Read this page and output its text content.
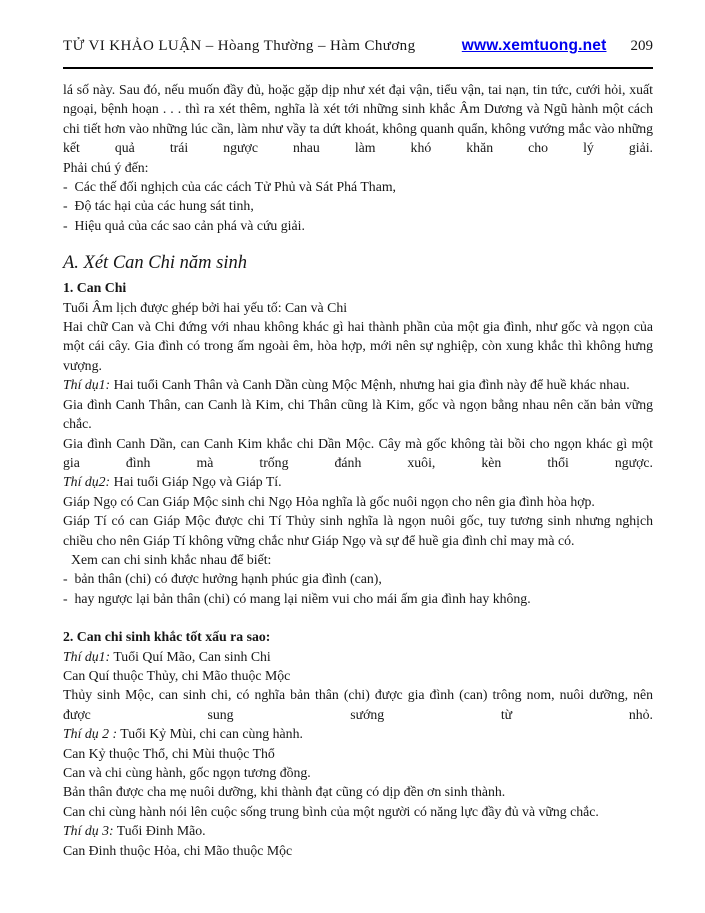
TỬ VI KHẢO LUẬN – Hòang Thường – Hàm Chương	www.xemtuong.net 209

lá số này. Sau đó, nếu muốn đầy đủ, hoặc gặp dịp như xét đại vận, tiểu vận, tai nạn, tin tức, cưới hỏi, xuất ngoại, bệnh hoạn . . . thì ra xét thêm, nghĩa là xét tới những sinh khắc Âm Dương và Ngũ hành một cách chi tiết hơn vào những lúc cần, làm như vầy ta dứt khoát, không quanh quẩn, không vướng mắc vào những kết quả trái ngược nhau làm khó khăn cho lý giải.

Phải chú ý đến:

-  Các thế đối nghịch của các cách Tử Phủ và Sát Phá Tham,

-  Độ tác hại của các hung sát tinh,

-  Hiệu quả của các sao cản phá và cứu giải.

A. Xét Can Chi năm sinh

1. Can Chi

Tuổi Âm lịch được ghép bởi hai yếu tố: Can và Chi

Hai chữ Can và Chi đứng với nhau không khác gì hai thành phần của một gia đình, như gốc và ngọn của một cái cây. Gia đình có trong ấm ngoài êm, hòa hợp, mới nên sự nghiệp, còn xung khắc thì không hưng vượng.

Thí dụ1: Hai tuổi Canh Thân và Canh Dần cùng Mộc Mệnh, nhưng hai gia đình này để huề khác nhau.

Gia đình Canh Thân, can Canh là Kim, chi Thân cũng là Kim, gốc và ngọn bằng nhau nên căn bản vững chắc.

Gia đình Canh Dần, can Canh Kim khắc chi Dần Mộc. Cây mà gốc không tài bồi cho ngọn khác gì một gia đình mà trống đánh xuôi, kèn thổi ngược.

Thí dụ2: Hai tuổi Giáp Ngọ và Giáp Tí.

Giáp Ngọ có Can Giáp Mộc sinh chi Ngọ Hỏa nghĩa là gốc nuôi ngọn cho nên gia đình hòa hợp.

Giáp Tí có can Giáp Mộc được chi Tí Thủy sinh nghĩa là ngọn nuôi gốc, tuy tương sinh nhưng nghịch chiều cho nên Giáp Tí không vững chắc như Giáp Ngọ và sự để huề gia đình chỉ may mà có.

Xem can chi sinh khắc nhau để biết:

-  bản thân (chi) có được hưởng hạnh phúc gia đình (can),

-  hay ngược lại bản thân (chi) có mang lại niềm vui cho mái ấm gia đình hay không.

2. Can chi sinh khắc tốt xấu ra sao:

Thí dụ1: Tuổi Quí Mão, Can sinh Chi

Can Quí thuộc Thủy, chi Mão thuộc Mộc

Thủy sinh Mộc, can sinh chi, có nghĩa bản thân (chi) được gia đình (can) trông nom, nuôi dưỡng, nên được sung sướng từ nhỏ.

Thí dụ 2 : Tuổi Kỷ Mùi, chi can cùng hành.

Can Kỷ thuộc Thổ, chi Mùi thuộc Thổ

Can và chi cùng hành, gốc ngọn tương đồng.

Bản thân được cha mẹ nuôi dưỡng, khi thành đạt cũng có dịp đền ơn sinh thành.

Can chi cùng hành nói lên cuộc sống trung bình của một người có năng lực đầy đủ và vững chắc.

Thí dụ 3: Tuổi Đinh Mão.

Can Đinh thuộc Hỏa, chi Mão thuộc Mộc
